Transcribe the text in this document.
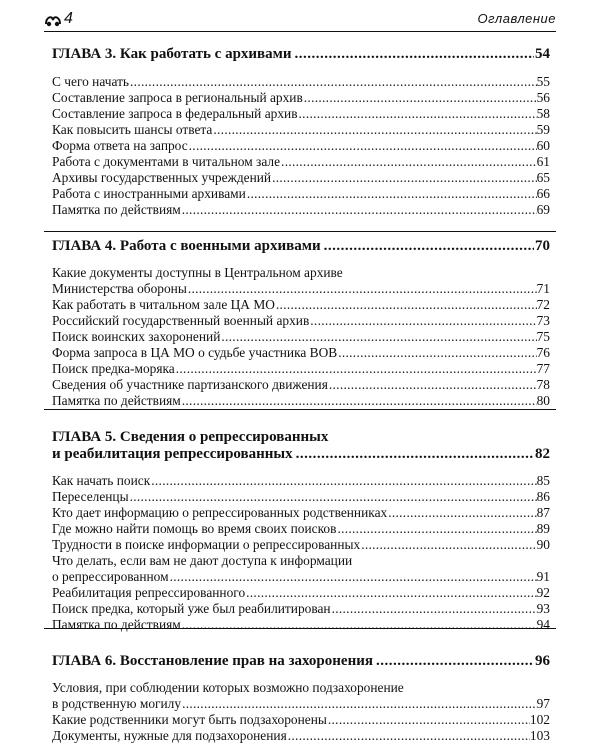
4	Оглавление
ГЛАВА 3. Как работать с архивами .....	54
С чего начать .....	55
Составление запроса в региональный архив .....	56
Составление запроса в федеральный архив .....	58
Как повысить шансы ответа .....	59
Форма ответа на запрос .....	60
Работа с документами в читальном зале .....	61
Архивы государственных учреждений .....	65
Работа с иностранными архивами .....	66
Памятка по действиям .....	69
ГЛАВА 4. Работа с военными архивами .....	70
Какие документы доступны в Центральном архиве
Министерства обороны .....	71
Как работать в читальном зале ЦА МО .....	72
Российский государственный военный архив .....	73
Поиск воинских захоронений .....	75
Форма запроса в ЦА МО о судьбе участника ВОВ .....	76
Поиск предка-моряка .....	77
Сведения об участнике партизанского движения .....	78
Памятка по действиям .....	80
ГЛАВА 5. Сведения о репрессированных
и реабилитация репрессированных .....	82
Как начать поиск .....	85
Переселенцы .....	86
Кто дает информацию о репрессированных родственниках .....	87
Где можно найти помощь во время своих поисков .....	89
Трудности в поиске информации о репрессированных .....	90
Что делать, если вам не дают доступа к информации
о репрессированном .....	91
Реабилитация репрессированного .....	92
Поиск предка, который уже был реабилитирован .....	93
Памятка по действиям .....	94
ГЛАВА 6. Восстановление прав на захоронения .....	96
Условия, при соблюдении которых возможно подзахоронение
в родственную могилу .....	97
Какие родственники могут быть подзахоронены .....	102
Документы, нужные для подзахоронения .....	103
